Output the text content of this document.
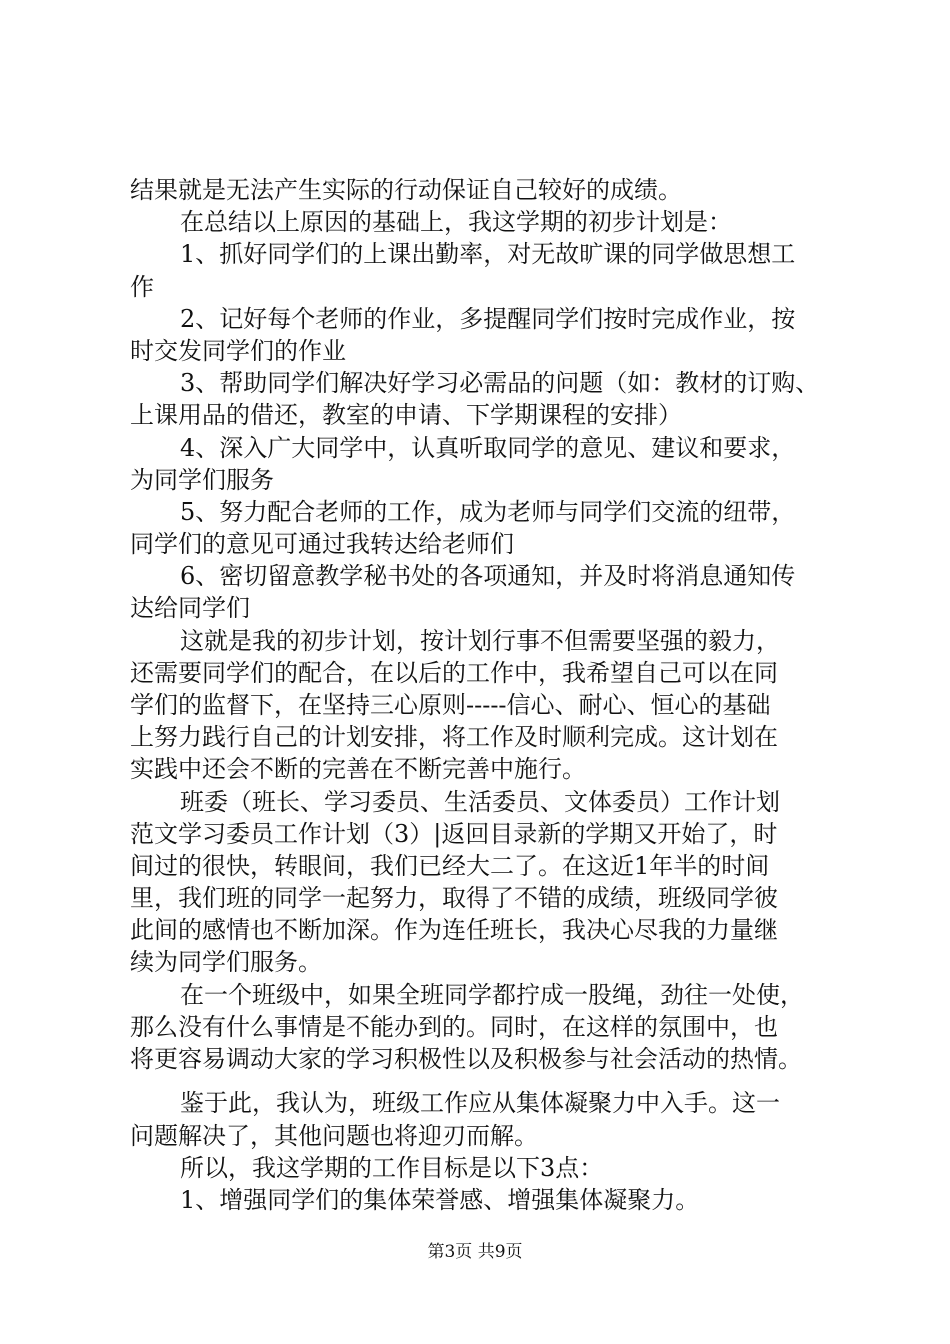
结果就是无法产生实际的行动保证自己较好的成绩。
在总结以上原因的基础上，我这学期的初步计划是：
1、抓好同学们的上课出勤率，对无故旷课的同学做思想工
作
2、记好每个老师的作业，多提醒同学们按时完成作业，按
时交发同学们的作业
3、帮助同学们解决好学习必需品的问题（如：教材的订购、
上课用品的借还，教室的申请、下学期课程的安排）
4、深入广大同学中，认真听取同学的意见、建议和要求，
为同学们服务
5、努力配合老师的工作，成为老师与同学们交流的纽带，
同学们的意见可通过我转达给老师们
6、密切留意教学秘书处的各项通知，并及时将消息通知传
达给同学们
这就是我的初步计划，按计划行事不但需要坚强的毅力，
还需要同学们的配合，在以后的工作中，我希望自己可以在同
学们的监督下，在坚持三心原则-----信心、耐心、恒心的基础
上努力践行自己的计划安排，将工作及时顺利完成。这计划在
实践中还会不断的完善在不断完善中施行。
班委（班长、学习委员、生活委员、文体委员）工作计划
范文学习委员工作计划（3）|返回目录新的学期又开始了，时
间过的很快，转眼间，我们已经大二了。在这近1年半的时间
里，我们班的同学一起努力，取得了不错的成绩，班级同学彼
此间的感情也不断加深。作为连任班长，我决心尽我的力量继
续为同学们服务。
在一个班级中，如果全班同学都拧成一股绳，劲往一处使，
那么没有什么事情是不能办到的。同时，在这样的氛围中，也
将更容易调动大家的学习积极性以及积极参与社会活动的热情。
鉴于此，我认为，班级工作应从集体凝聚力中入手。这一
问题解决了，其他问题也将迎刃而解。
所以，我这学期的工作目标是以下3点：
1、增强同学们的集体荣誉感、增强集体凝聚力。
第3页 共9页
